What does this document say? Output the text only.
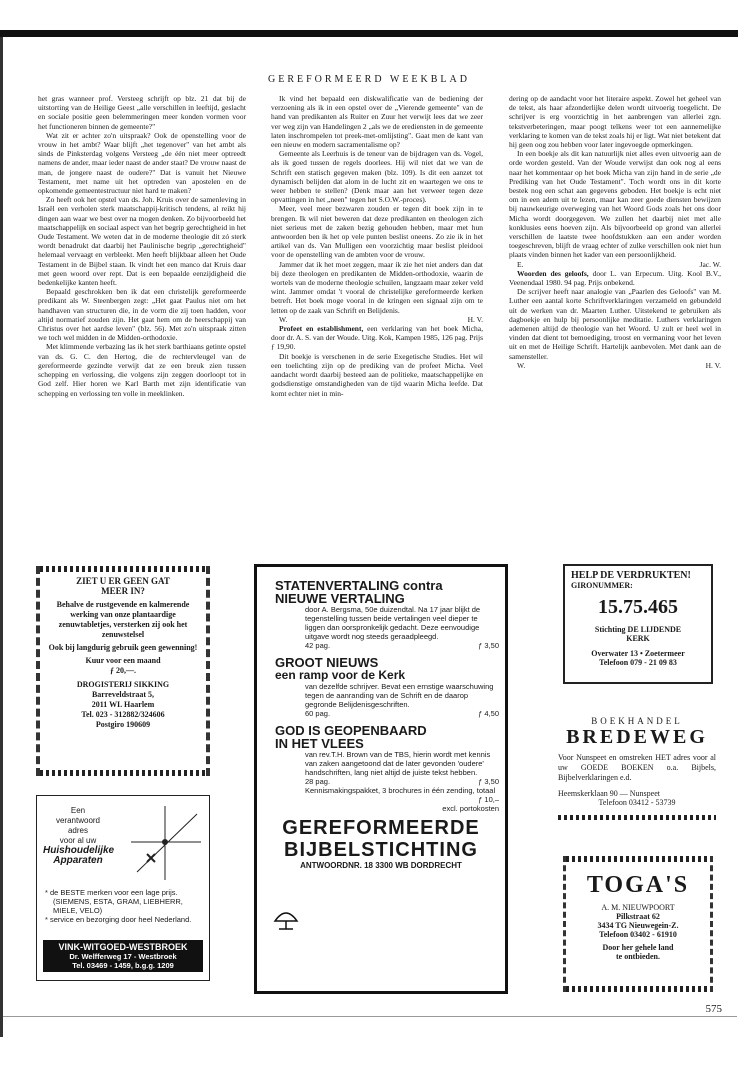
GEREFORMEERD WEEKBLAD

het gras wanneer prof. Versteeg schrijft op blz. 21 dat bij de uitstorting van de Heilige Geest „alle verschillen in leeftijd, geslacht en sociale positie geen belemmeringen meer konden vormen voor het functioneren binnen de gemeente?"

Wat zit er achter zo'n uitspraak? Ook de openstelling voor de vrouw in het ambt? Waar blijft „het tegenover" van het ambt als sinds de Pinksterdag volgens Versteeg „de één niet meer optreedt namens de ander, maar ieder naast de ander staat? De vrouw naast de man, de jongere naast de oudere?" Dat is vanuit het Nieuwe Testament, met name uit het optreden van apostelen en de opkomende gemeentestructuur niet hard te maken?

Zo heeft ook het opstel van ds. Joh. Kruis over de samenleving in Israël een verholen sterk maatschappij-kritisch tendens, al reikt hij dingen aan waar we best over na mogen denken. Zo bijvoorbeeld het maatschappelijk en sociaal aspect van het begrip gerechtigheid in het Oude Testament. We weten dat in de moderne theologie dit zó sterk wordt benadrukt dat daarbij het Paulinische begrip „gerechtigheid" helemaal vervaagt en verbleekt. Men heeft blijkbaar alleen het Oude Testament in de Bijbel staan. Ik vindt het een manco dat Kruis daar met geen woord over rept. Dat is een bepaalde eenzijdigheid die bedenkelijke kanten heeft.

Bepaald geschrokken ben ik dat een christelijk gereformeerde predikant als W. Steenbergen zegt: „Het gaat Paulus niet om het handhaven van structuren die, in de vorm die zij toen hadden, voor altijd normatief zouden zijn. Het gaat hem om de heerschappij van Christus over het aardse leven" (blz. 56). Met zo'n uitspraak zitten we toch wel midden in de Midden-orthodoxie.

Met klimmende verbazing las ik het sterk barthiaans getinte opstel van ds. G. C. den Hertog, die de rechtervleugel van de gereformeerde gezindte verwijt dat ze een breuk zien tussen schepping en verlossing, die volgens zijn zeggen doorloopt tot in God zelf. Hier horen we Karl Barth met zijn identificatie van schepping en verlossing ten volle in meeklinken.

Ik vind het bepaald een diskwalificatie van de bediening der verzoening als ik in een opstel over de „Vierende gemeente" van de hand van predikanten als Ruiter en Zuur het verwijt lees dat we zeer ver weg zijn van Handelingen 2 „als we de erediensten in de gemeente laten inschrompelen tot preek-met-omlijsting". Gaat men de kant van een nieuw en modern sacramentalisme op?

Gemeente als Leerhuis is de teneur van de bijdragen van ds. Vogel, als ik goed tussen de regels doorlees. Hij wil niet dat we van de Schrift een statisch gegeven maken (blz. 109). Is dit een aanzet tot dynamisch belijden dat alom in de lucht zit en waartegen we ons te weer hebben te stellen? (Denk maar aan het verweer tegen deze opvattingen in het „neen" tegen het S.O.W.-proces).

Meer, veel meer bezwaren zouden er tegen dit boek zijn in te brengen. Ik wil niet beweren dat deze predikanten en theologen zich niet serieus met de zaken bezig gehouden hebben, maar met hun antwoorden ben ik het op vele punten beslist oneens. Zo zie ik in het artikel van ds. Van Mulligen een voorzichtig maar beslist pleidooi voor de openstelling van de ambten voor de vrouw.

Jammer dat ik het moet zeggen, maar ik zie het niet anders dan dat bij deze theologen en predikanten de Midden-orthodoxie, waarin de wortels van de moderne theologie schuilen, langzaam maar zeker veld wint. Jammer omdat 't vooral de christelijke gereformeerde kerken betreft. Het boek moge vooral in de kringen een signaal zijn om te letten op de zaak van Schrift en Belijdenis.

W.	H. V.

Profeet en establishment, een verklaring van het boek Micha, door dr. A. S. van der Woude. Uitg. Kok, Kampen 1985, 126 pag. Prijs ƒ 19,90.

Dit boekje is verschenen in de serie Exegetische Studies. Het wil een toelichting zijn op de prediking van de profeet Micha. Veel aandacht wordt daarbij besteed aan de politieke, maatschappelijke en godsdienstige omstandigheden van de tijd waarin Micha leefde. Dat komt echter niet in min-

dering op de aandacht voor het literaire aspekt. Zowel het geheel van de tekst, als haar afzonderlijke delen wordt uitvoerig toegelicht. De schrijver is erg voorzichtig in het aanbrengen van allerlei zgn. tekstverbeteringen, maar poogt telkens weer tot een aannemelijke verklaring te komen van de tekst zoals hij er ligt. Wat niet betekent dat hij geen oog zou hebben voor later ingevoegde opmerkingen.

In een boekje als dit kan natuurlijk niet alles even uitvoerig aan de orde worden gesteld. Van der Woude verwijst dan ook nog al eens naar het kommentaar op het boek Micha van zijn hand in de serie „de Prediking van het Oude Testament". Toch wordt ons in dit korte bestek nog een schat aan gegevens geboden. Het boekje is echt niet om in een adem uit te lezen, maar kan zeer goede diensten bewijzen bij nauwkeurige overweging van het Woord Gods zoals het ons door Micha wordt doorgegeven. We zullen het daarbij niet met alle konklusies eens hoeven zijn. Als bijvoorbeeld op grond van allerlei verschillen de laatste twee hoofdstukken aan een ander worden toegeschreven, blijft de vraag echter of zulke verschillen ook niet hun plaats vinden binnen het kader van een persoonlijkheid.

E.	Jac. W.

Woorden des geloofs, door L. van Erpecum. Uitg. Kool B.V., Veenendaal 1980. 94 pag. Prijs onbekend.

De scrijver heeft naar analogie van „Paarlen des Geloofs" van M. Luther een aantal korte Schriftverklaringen verzameld en gebundeld uit de werken van dr. Maarten Luther. Uitstekend te gebruiken als dagboekje en hulp bij persoonlijke meditatie. Luthers verklaringen ademenen altijd de theologie van het Woord. U zult er heel wel in vinden dat dient tot bemoediging, troost en vermaning voor het leven uit en met de Heilige Schrift. Hartelijk aanbevolen. Met dank aan de samensteller.

W.	H. V.

ZIET U ER GEEN GAT
MEER IN?
Behalve de rustgevende en kalmerende werking van onze plantaardige zenuwtabletjes, versterken zij ook het zenuwstelsel
Ook bij langdurig gebruik geen gewenning!
Kuur voor een maand
ƒ 20,—.
DROGISTERIJ SIKKING
Barreveldstraat 5,
2011 WL Haarlem
Tel. 023 - 312882/324606
Postgiro 190609
Een
verantwoord
adres
voor al uw
Huishoudelijke
Apparaten
* de BESTE merken voor een lage prijs.
(SIEMENS, ESTA, GRAM, LIEBHERR, MIELE, VELO)
* service en bezorging door heel Nederland.
VINK-WITGOED-WESTBROEK
Dr. Welfferweg 17 - Westbroek
Tel. 03469 - 1459, b.g.g. 1209
STATENVERTALING contra
NIEUWE VERTALING
door A. Bergsma, 50e duizendtal. Na 17 jaar blijkt de tegenstelling tussen beide vertalingen veel dieper te liggen dan oorspronkelijk gedacht. Deze eenvoudige uitgave wordt nog steeds geraadpleegd.
42 pag.	ƒ 3,50
GROOT NIEUWS
een ramp voor de Kerk
van dezelfde schrijver. Bevat een ernstige waarschuwing tegen de aanranding van de Schrift en de daarop gegronde Belijdenisgeschriften.
60 pag.	ƒ 4,50
GOD IS GEOPENBAARD
IN HET VLEES
van rev.T.H. Brown van de TBS, hierin wordt met kennis van zaken aangetoond dat de later gevonden 'oudere' handschriften, lang niet altijd de juiste tekst hebben.
28 pag.	ƒ 3,50
Kennismakingspakket, 3 brochures in één zending, totaal
ƒ 10,–
excl. portokosten
GEREFORMEERDE
BIJBELSTICHTING
ANTWOORDNR. 18 3300 WB DORDRECHT
HELP DE VERDRUKTEN!
GIRONUMMER:
15.75.465
Stichting DE LIJDENDE
KERK
Overwater 13 • Zoetermeer
Telefoon 079 - 21 09 83
BOEKHANDEL
BREDEWEG
Voor Nunspeet en omstreken HET adres voor al uw GOEDE BOEKEN o.a. Bijbels, Bijbelverklaringen e.d.
Heemskerklaan 90 — Nunspeet
Telefoon 03412 - 53739
TOGA'S
A. M. NIEUWPOORT
Pilkstraat 62
3434 TG Nieuwegein-Z.
Telefoon 03402 - 61910
Door her gehele land
te ontbieden.
575
